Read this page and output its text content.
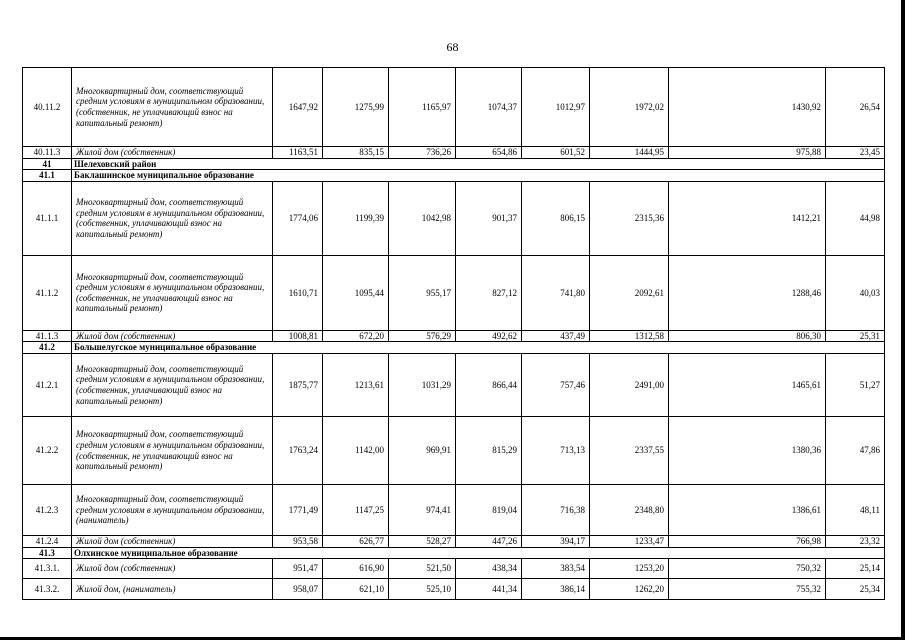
68
40.11.2	Многоквартирный дом, соответствующий средним условиям в муниципальном образовании, (собственник, не уплачивающий взнос на капитальный ремонт)	1647,92	1275,99	1165,97	1074,37	1012,97	1972,02	1430,92	26,54
40.11.3	Жилой дом (собственник)	1163,51	835,15	736,26	654,86	601,52	1444,95	975,88	23,45
41	Шелеховский район								
41.1	Баклашинское муниципальное образование								
41.1.1	Многоквартирный дом, соответствующий средним условиям в муниципальном образовании, (собственник, уплачивающий взнос на капитальный ремонт)	1774,06	1199,39	1042,98	901,37	806,15	2315,36	1412,21	44,98
41.1.2	Многоквартирный дом, соответствующий средним условиям в муниципальном образовании, (собственник, не уплачивающий взнос на капитальный ремонт)	1610,71	1095,44	955,17	827,12	741,80	2092,61	1288,46	40,03
41.1.3	Жилой дом (собственник)	1008,81	672,20	576,29	492,62	437,49	1312,58	806,30	25,31
41.2	Большелугское муниципальное образование								
41.2.1	Многоквартирный дом, соответствующий средним условиям в муниципальном образовании, (собственник, уплачивающий взнос на капитальный ремонт)	1875,77	1213,61	1031,29	866,44	757,46	2491,00	1465,61	51,27
41.2.2	Многоквартирный дом, соответствующий средним условиям в муниципальном образовании, (собственник, не уплачивающий взнос на капитальный ремонт)	1763,24	1142,00	969,91	815,29	713,13	2337,55	1380,36	47,86
41.2.3	Многоквартирный дом, соответствующий средним условиям в муниципальном образовании, (наниматель)	1771,49	1147,25	974,41	819,04	716,38	2348,80	1386,61	48,11
41.2.4	Жилой дом (собственник)	953,58	626,77	528,27	447,26	394,17	1233,47	766,98	23,32
41.3	Олхинское муниципальное образование								
41.3.1.	Жилой дом (собственник)	951,47	616,90	521,50	438,34	383,54	1253,20	750,32	25,14
41.3.2.	Жилой дом, (наниматель)	958,07	621,10	525,10	441,34	386,14	1262,20	755,32	25,34
